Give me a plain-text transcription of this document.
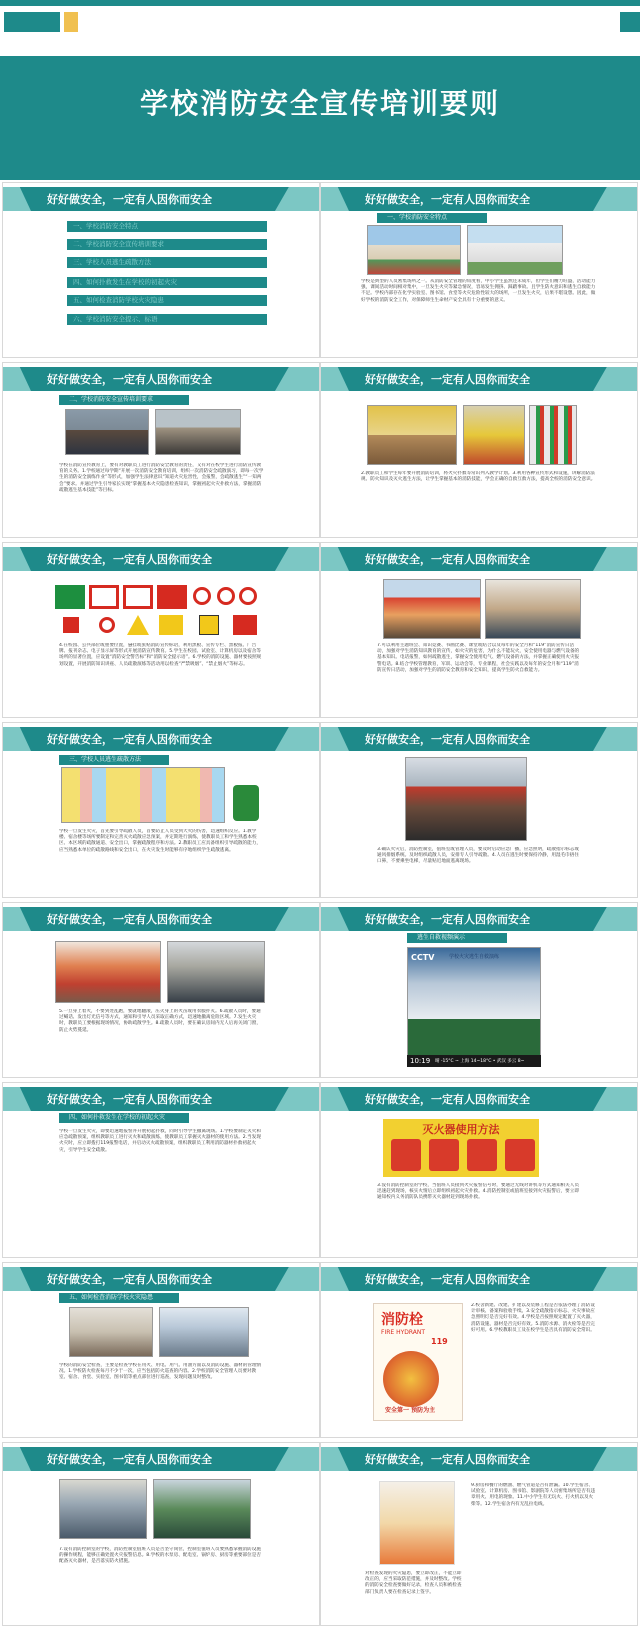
学校消防安全宣传培训要则
好好做安全，一定有人因你而安全
一、学校消防安全特点
二、学校消防安全宣传培训要求
三、学校人员逃生疏散方法
四、如何扑救发生在学校的初起火灾
五、如何检查消防学校火灾隐患
六、学校消防安全提示、标语
好好做安全，一定有人因你而安全
一、学校消防安全特点
学校是典型的人员密集场所之一。从消防安全管理的角度看，中小学生虽然还未成年，但学生们精力旺盛，活动能力强，课间活动时间相对集中，一旦发生火灾等紧急情况，容易发生拥挤、踩踏事故。且学生防火意识和逃生自救能力不足。学校内部存在化学实验室、图书馆、食堂等火灾危险性较大的场所，一旦发生火灾，后果不堪设想。因此，做好学校的消防安全工作，对保障师生生命财产安全具有十分重要的意义。
好好做安全，一定有人因你而安全
二、学校消防安全宣传培训要求
学校在消防宣传教育上，要有对教职员工进行消防安全教育的责任，又有对在校学生进行消防宣传教育的义务。1.学校通过每学期“开展一次消防安全教育培训，组织一次消防安全疏散演习，即每一次学生的消防安全演练作业”等形式，加强学生法律意识“知道火灾危害性，会报警，会疏散逃生”“一知两会”要求。并通过学生引导家长实现“掌握基本火灾隐患检查知识，掌握初起火灾扑救方法，掌握消防疏散逃生基本技能”等目标。
好好做安全，一定有人因你而安全
2.教职员工和学生每年要开展消防培训，将火灾扑救等常识列入教学计划。3.利用各种宣传形式和设施，讲解消防法规、防火知识及灭火逃生方法，让学生掌握基本的消防技能，学会正确的自救互救方法，提高全校的消防安全意识。
好好做安全，一定有人因你而安全
4.在校园、公共部位或重要位置，悬挂或张贴消防宣传标语，利用黑板、宣传专栏、黑板报、广告牌、报刊杂志、电子显示屏等形式开展消防宣传教育。5.学生在校园、试验室、计算机房以及宿舍等场所的显著位置，应设置“消防安全警告标”和“消防安全提示语”。6.学校的消防设施、器材要按照规划设置，开展消防知识讲座、人员疏散演练等活动用以检查“严禁吸烟”、“禁止烟火”等标志。
好好做安全，一定有人因你而安全
7.可以利用主题班会、知识竞赛、书画比赛、课堂或结合以及每年的安全月和“119”消防宣传日活动，加强对学生消防知识教育的宣传，如火灾的危害，为什么不能玩火，安全使用电器与燃气设备的基本知识。电话报警，如何疏散逃生，掌握安全使用电气、燃气设备的方法，并掌握正确使用火灾报警电话。8.结合学校管理教育，军训、运动会等，专业课程，社会实践以及每年的安全月和“119”消防宣传日活动，加强对学生的消防安全教育和安全知识，提高学生防火自救能力。
好好做安全，一定有人因你而安全
三、学校人员逃生疏散方法
学校一旦发生火灾，首先要引导疏散人员，首要防止人员受到大火的伤害，迅速组织反应。1.教学楼、宿舍楼等场所要制定和完善灭火疏散应急预案，并定期进行演练，使教职员工和学生熟悉本校区、本区域的疏散通道、安全出口，掌握疏散程序和方法。2.教职员工应具备组织引导疏散的能力，应当熟悉本单位的疏散路线和安全出口，在火灾发生时能够有序地组织学生疏散逃离。
好好做安全，一定有人因你而安全
3.确认火灾后，消防控制室，值班室或管理人员，要及时启动应急广播，应急照明，疏散指示标志或通风排烟系统。及时组织疏散人员，安排专人引导疏散。4.人员在逃生时要保持冷静，用湿毛巾捂住口鼻，不要乘坐电梯，尽量贴近地面逃离现场。
好好做安全，一定有人因你而安全
5.一旦身上着火，不要到处乱跑，要就地翻滚，压灭身上的火苗或用衣服扑灭。6.疏散人员时，要通过喊话、发出灯光信号等方式，通知和引导人员采取正确方式，迅速地撤离危险区域。7.发生火灾时，教职员工要根据现场情况，协助疏散学生。8.疏散人员时，要在确认房间内无人后再关闭门窗，防止火势蔓延。
好好做安全，一定有人因你而安全
逃生自救视频演示
CCTV	学校火灾逃生自救演练
10:19 晴 -15°C ~ 上海 14~18°C • 武汉 多云 8~
好好做安全，一定有人因你而安全
四、如何扑救发生在学校的初起火灾
学校一旦发生火灾，即要迅速地报警并开展初起扑救，同时引导学生撤离现场。1.学校要制定灭火和应急疏散预案，组织教职员工进行灭火和疏散演练，使教职员工掌握灭火器材的使用方法。2.当发现火灾时，应立即拨打119报警电话，并启动灭火疏散预案，组织教职员工利用消防器材扑救初起火灾，引导学生安全疏散。
好好做安全，一定有人因你而安全
灭火器使用方法
3.没有消防控制室的学校，当值班人员接到火灾报警信号时，要通过无线对讲机等方式通知相关人员迅速赶到现场，核实火情后立即组织初起火灾扑救。4.消防控制室或值班室接到火灾报警后，要立即通知校内义务消防队员携带灭火器材赶到现场扑救。
好好做安全，一定有人因你而安全
五、如何检查消防学校火灾隐患
学校的消防安全检查，主要是检查学校在用火、用电、用气、用油方面以及消防设施、器材的管理情况。1.学校防火检查每月不少于一次，应当包括防火巡查的内容。2.学校消防安全管理人员要对教室、宿舍、食堂、实验室、图书馆等重点部位进行巡查，发现问题及时整改。
好好做安全，一定有人因你而安全
消防栓
FIRE HYDRANT
119
安全第一 预防为主
2.校舍新建、改建、扩建以及装修工程是否依法办理了消防设计审核、备案和验收手续。3.安全疏散指示标志、火灾事故应急照明灯是否完好有效。4.学校是否按照规定配置了灭火器，消防设施、器材是否完好有效。5.消防水源、消火栓等是否完好可用。6.学校教职员工及在校学生是否具有消防安全常识。
好好做安全，一定有人因你而安全
7.设有消防控制室的学校，消防控制室值班人员是否坚守岗位，控制室值班人员要熟悉掌握消防设施的操作规程，能够正确处置火灾报警信息。8.学校的水泵房、配电室、锅炉房、厨房等重要部位是否配备灭火器材，是否落实防火措施。
好好做安全，一定有人因你而安全
对检查发现的火灾隐患，要立即改正，不能立即改正的，应当采取防范措施，并及时整改。学校的消防安全检查要做好记录，检查人员和被检查部门负责人要在检查记录上签字。
9.厨房和餐厅的燃油、燃气管道是否有泄漏。10.学生宿舍、试验室、计算机房、图书馆、影剧院等人员密集场所是否有违章用火、用电的现象。11.中小学生有无玩火、打火机以及火柴等。12.学生宿舍内有无乱拉电线。
